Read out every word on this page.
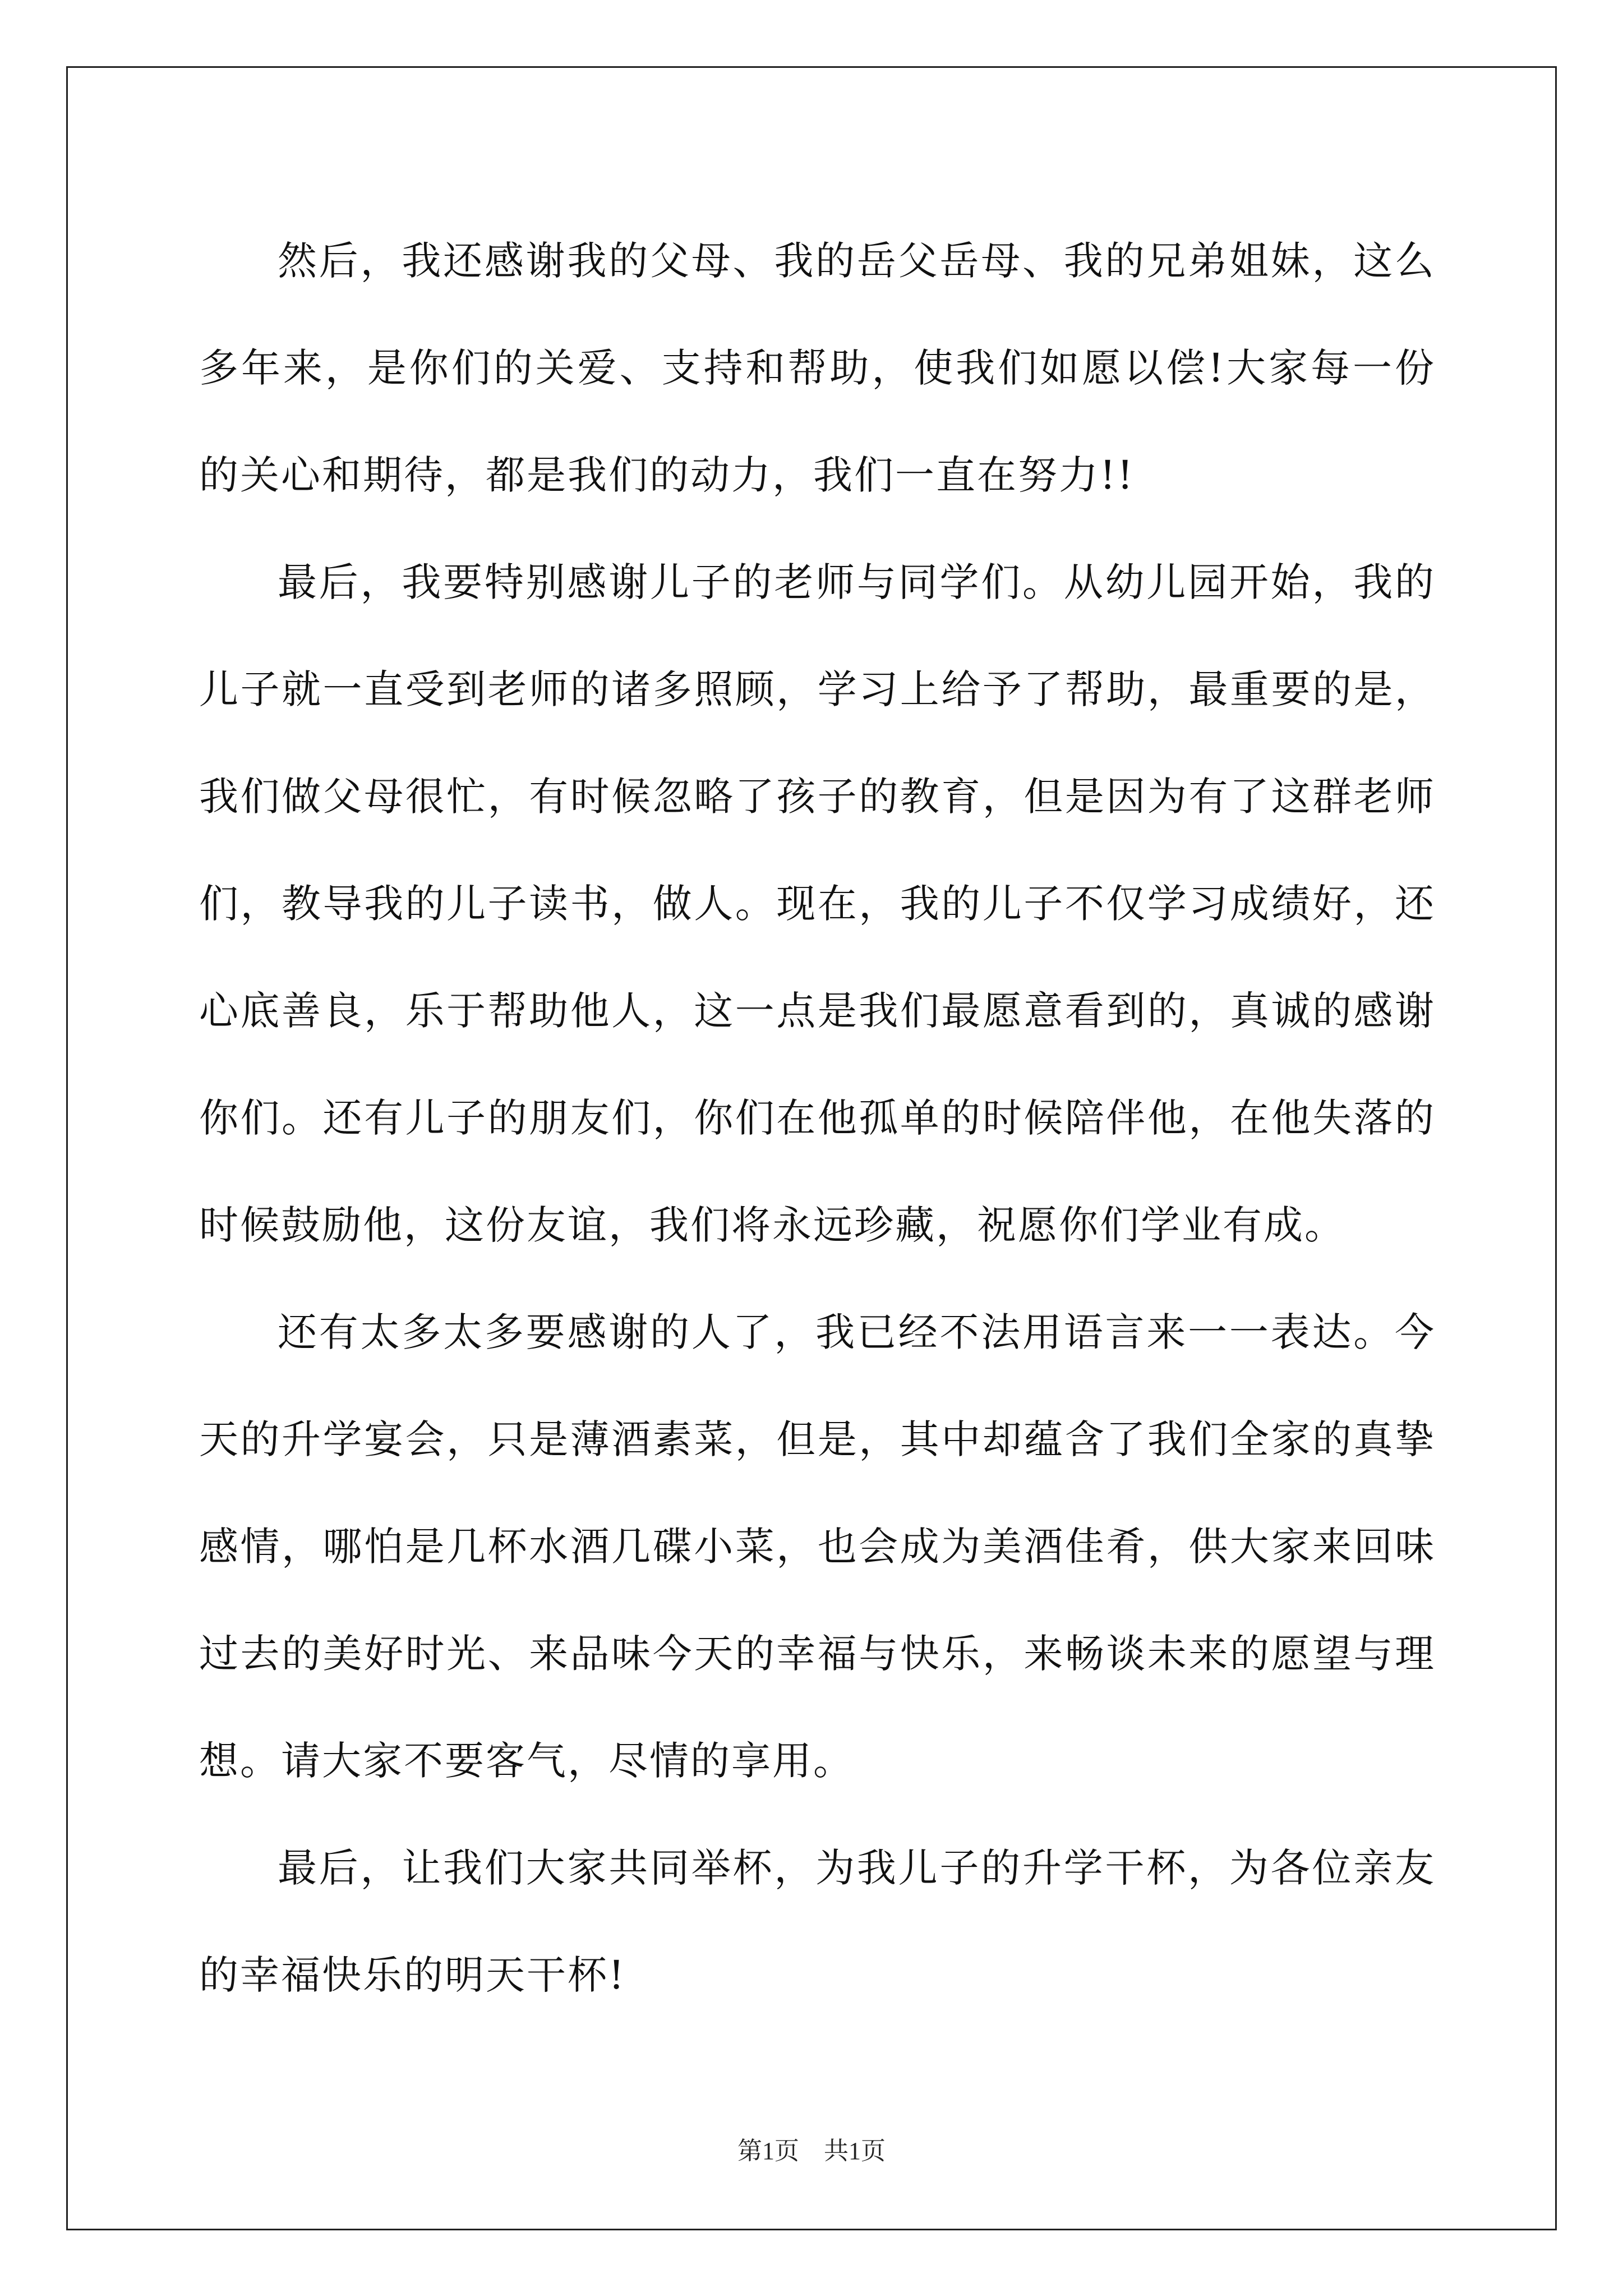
然后，我还感谢我的父母、我的岳父岳母、我的兄弟姐妹，这么多年来，是你们的关爱、支持和帮助，使我们如愿以偿!大家每一份的关心和期待，都是我们的动力，我们一直在努力!!

最后，我要特别感谢儿子的老师与同学们。从幼儿园开始，我的儿子就一直受到老师的诸多照顾，学习上给予了帮助，最重要的是，我们做父母很忙，有时候忽略了孩子的教育，但是因为有了这群老师们，教导我的儿子读书，做人。现在，我的儿子不仅学习成绩好，还心底善良，乐于帮助他人，这一点是我们最愿意看到的，真诚的感谢你们。还有儿子的朋友们，你们在他孤单的时候陪伴他，在他失落的时候鼓励他，这份友谊，我们将永远珍藏，祝愿你们学业有成。

还有太多太多要感谢的人了，我已经不法用语言来一一表达。今天的升学宴会，只是薄酒素菜，但是，其中却蕴含了我们全家的真挚感情，哪怕是几杯水酒几碟小菜，也会成为美酒佳肴，供大家来回味过去的美好时光、来品味今天的幸福与快乐，来畅谈未来的愿望与理想。请大家不要客气，尽情的享用。

最后，让我们大家共同举杯，为我儿子的升学干杯，为各位亲友的幸福快乐的明天干杯!

第1页　共1页
